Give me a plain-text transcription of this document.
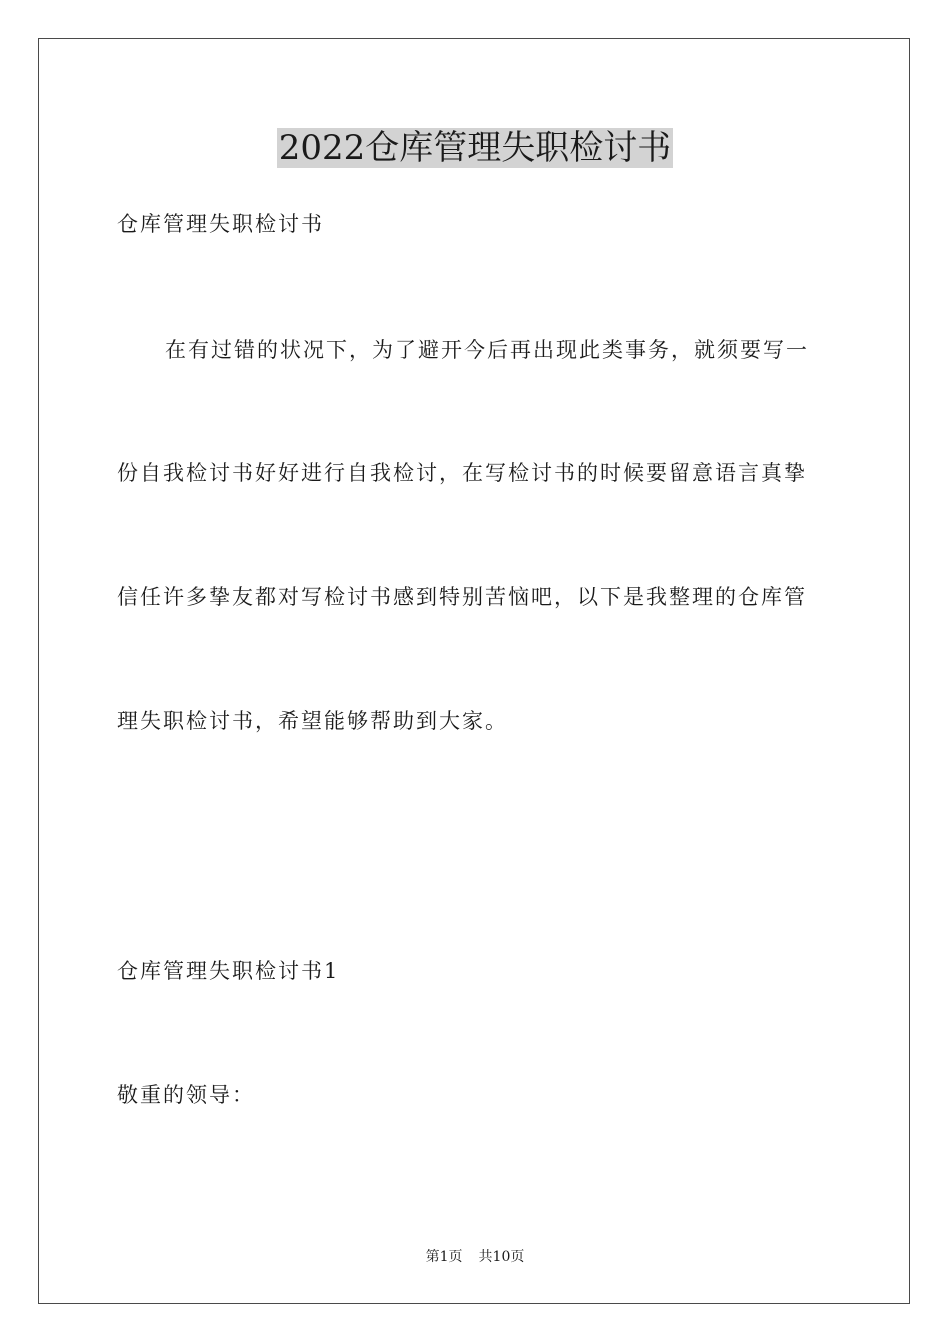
2022仓库管理失职检讨书

仓库管理失职检讨书

在有过错的状况下，为了避开今后再出现此类事务，就须要写一

份自我检讨书好好进行自我检讨，在写检讨书的时候要留意语言真挚

信任许多挚友都对写检讨书感到特别苦恼吧，以下是我整理的仓库管

理失职检讨书，希望能够帮助到大家。

仓库管理失职检讨书1

敬重的领导：

第1页 共10页
